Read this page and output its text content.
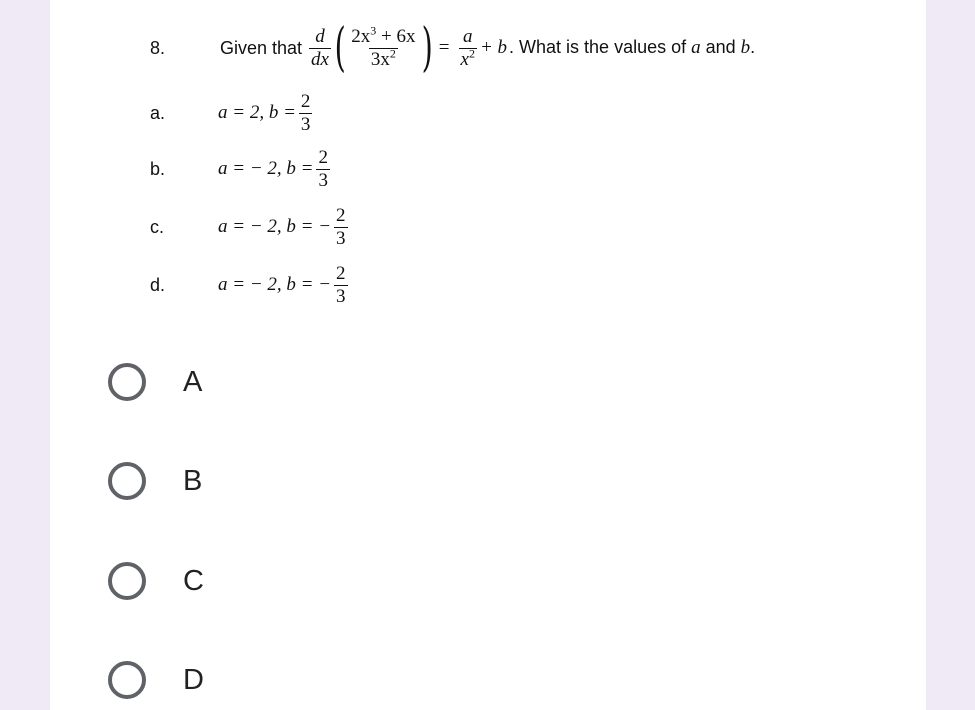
8.	Given that $\frac{d}{dx}$ ( $\frac{2x^3 + 6x}{3x^2}$ ) = $\frac{a}{x^2} + b$ . What is the values of a and b.
a.	a = 2, $b = \frac{2}{3}$
b.	a = − 2, $b = \frac{2}{3}$
c.	a = − 2, b = − $\frac{2}{3}$
d.	a = − 2, b = − $\frac{2}{3}$
A
B
C
D
